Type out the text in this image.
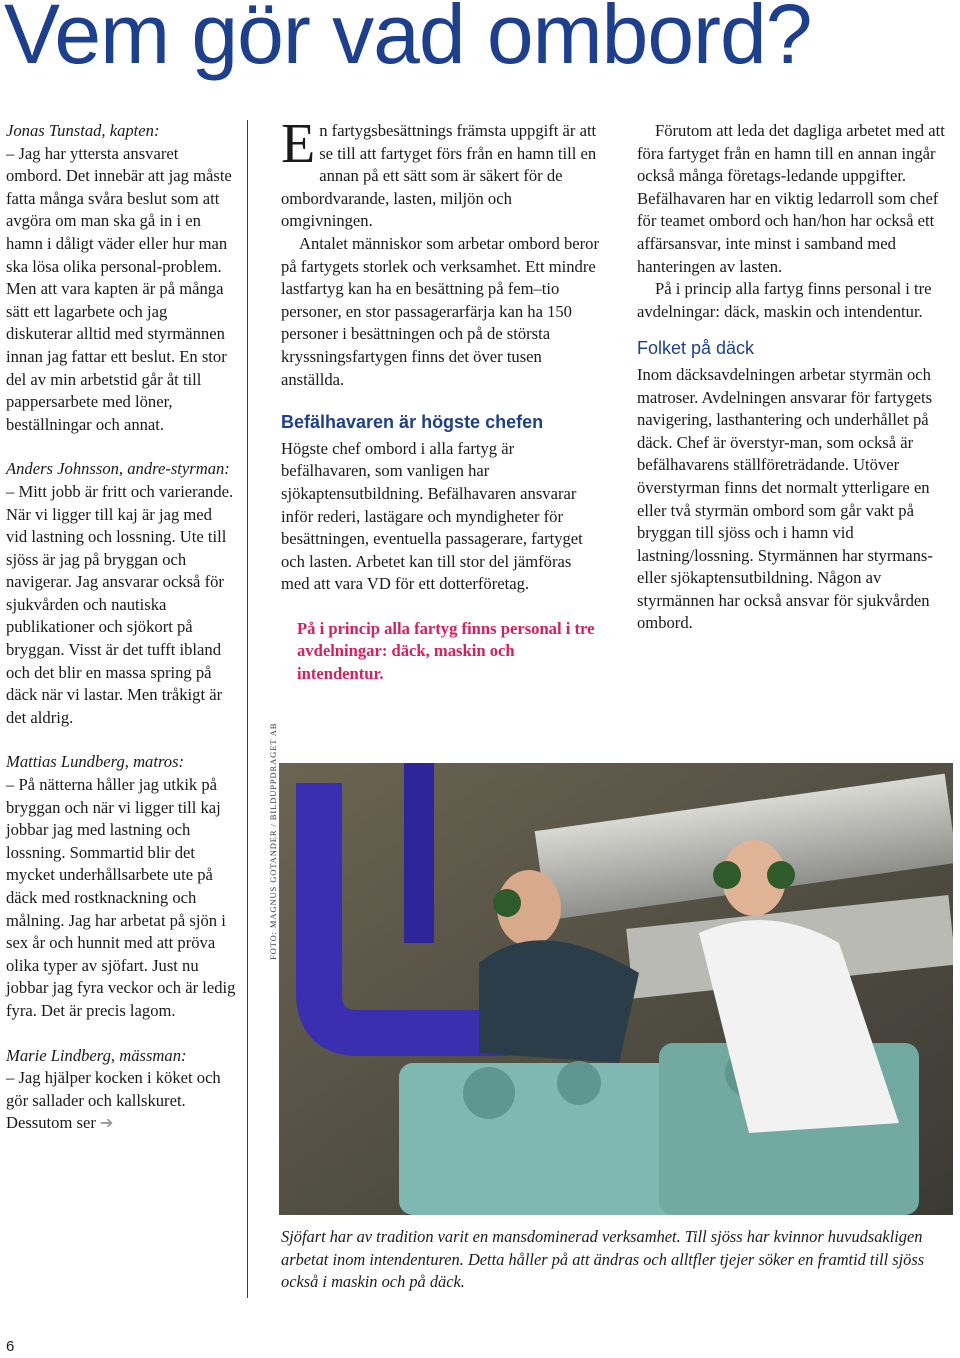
Vem gör vad ombord?

Jonas Tunstad, kapten:
– Jag har yttersta ansvaret ombord. Det innebär att jag måste fatta många svåra beslut som att avgöra om man ska gå in i en hamn i dåligt väder eller hur man ska lösa olika personal-problem. Men att vara kapten är på många sätt ett lagarbete och jag diskuterar alltid med styrmännen innan jag fattar ett beslut. En stor del av min arbetstid går åt till pappersarbete med löner, beställningar och annat.

Anders Johnsson, andre-styrman:
– Mitt jobb är fritt och varierande. När vi ligger till kaj är jag med vid lastning och lossning. Ute till sjöss är jag på bryggan och navigerar. Jag ansvarar också för sjukvården och nautiska publikationer och sjökort på bryggan. Visst är det tufft ibland och det blir en massa spring på däck när vi lastar. Men tråkigt är det aldrig.

Mattias Lundberg, matros:
– På nätterna håller jag utkik på bryggan och när vi ligger till kaj jobbar jag med lastning och lossning. Sommartid blir det mycket underhållsarbete ute på däck med rostknackning och målning. Jag har arbetat på sjön i sex år och hunnit med att pröva olika typer av sjöfart. Just nu jobbar jag fyra veckor och är ledig fyra. Det är precis lagom.

Marie Lindberg, mässman:
– Jag hjälper kocken i köket och gör sallader och kallskuret. Dessutom ser ➔

En fartygsbesättnings främsta uppgift är att se till att fartyget förs från en hamn till en annan på ett sätt som är säkert för de ombordvarande, lasten, miljön och omgivningen.

Antalet människor som arbetar ombord beror på fartygets storlek och verksamhet. Ett mindre lastfartyg kan ha en besättning på fem–tio personer, en stor passagerarfärja kan ha 150 personer i besättningen och på de största kryssningsfartygen finns det över tusen anställda.

Befälhavaren är högste chefen

Högste chef ombord i alla fartyg är befälhavaren, som vanligen har sjökaptensutbildning. Befälhavaren ansvarar inför rederi, lastägare och myndigheter för besättningen, eventuella passagerare, fartyget och lasten. Arbetet kan till stor del jämföras med att vara VD för ett dotterföretag.

På i princip alla fartyg finns personal i tre avdelningar: däck, maskin och intendentur.

Förutom att leda det dagliga arbetet med att föra fartyget från en hamn till en annan ingår också många företags-ledande uppgifter. Befälhavaren har en viktig ledarroll som chef för teamet ombord och han/hon har också ett affärsansvar, inte minst i samband med hanteringen av lasten.

På i princip alla fartyg finns personal i tre avdelningar: däck, maskin och intendentur.

Folket på däck

Inom däcksavdelningen arbetar styrmän och matroser. Avdelningen ansvarar för fartygets navigering, lasthantering och underhållet på däck. Chef är överstyr-man, som också är befälhavarens ställföreträdande. Utöver överstyrman finns det normalt ytterligare en eller två styrmän ombord som går vakt på bryggan till sjöss och i hamn vid lastning/lossning. Styrmännen har styrmans- eller sjökaptensutbildning. Någon av styrmännen har också ansvar för sjukvården ombord.

FOTO: MAGNUS GOTANDER / BILDUPPDRAGET AB

Sjöfart har av tradition varit en mansdominerad verksamhet. Till sjöss har kvinnor huvudsakligen arbetat inom intendenturen. Detta håller på att ändras och alltfler tjejer söker en framtid till sjöss också i maskin och på däck.

6
